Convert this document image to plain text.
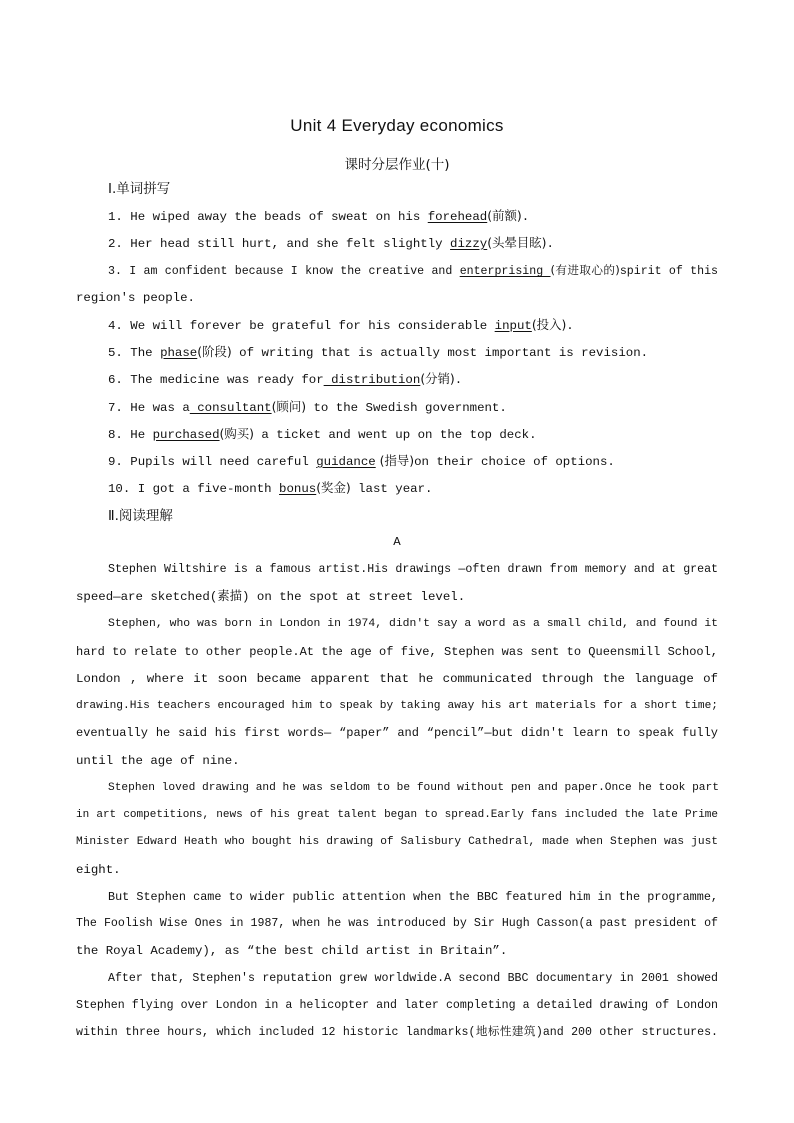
Unit 4 Everyday economics
课时分层作业(十)
Ⅰ.单词拼写
1. He wiped away the beads of sweat on his forehead(前额).
2. Her head still hurt, and she felt slightly dizzy(头晕目眩).
3. I am confident because I know the creative and enterprising (有进取心的)spirit of this
region's people.
4. We will forever be grateful for his considerable input(投入).
5. The phase(阶段) of writing that is actually most important is revision.
6. The medicine was ready for distribution(分销).
7. He was a consultant(顾问) to the Swedish government.
8. He purchased(购买) a ticket and went up on the top deck.
9. Pupils will need careful guidance (指导)on their choice of options.
10. I got a five-month bonus(奖金) last year.
Ⅱ.阅读理解
A
Stephen Wiltshire is a famous artist.His drawings —often drawn from memory and at great
speed—are sketched(素描) on the spot at street level.
Stephen, who was born in London in 1974, didn't say a word as a small child, and found it
hard to relate to other people.At the age of five, Stephen was sent to Queensmill School,
London , where it soon became apparent that he communicated through the language of
drawing.His teachers encouraged him to speak by taking away his art materials for a short time;
eventually he said his first words— “paper” and “pencil”—but didn't learn to speak fully
until the age of nine.
Stephen loved drawing and he was seldom to be found without pen and paper.Once he took part
in art competitions, news of his great talent began to spread.Early fans included the late Prime
Minister Edward Heath who bought his drawing of Salisbury Cathedral, made when Stephen was just
eight.
But Stephen came to wider public attention when the BBC featured him in the programme,
The Foolish Wise Ones in 1987, when he was introduced by Sir Hugh Casson(a past president of
the Royal Academy), as “the best child artist in Britain”.
After that, Stephen's reputation grew worldwide.A second BBC documentary in 2001 showed
Stephen flying over London in a helicopter and later completing a detailed drawing of London
within three hours, which included 12 historic landmarks(地标性建筑)and 200 other structures.
